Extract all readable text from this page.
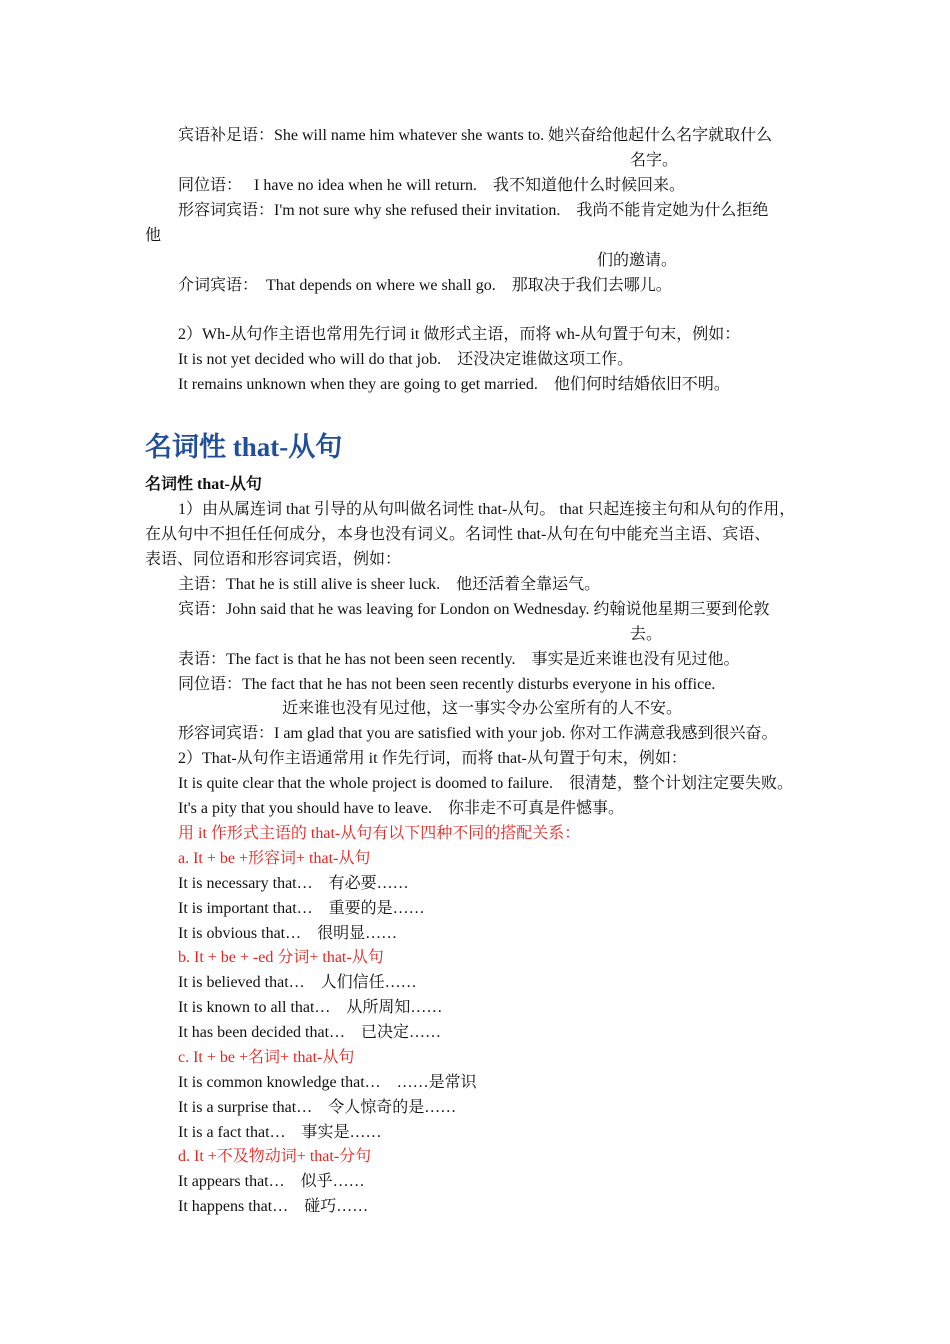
宾语补足语：She will name him whatever she wants to. 她兴奋给他起什么名字就取什么
名字。
同位语：　 I have no idea when he will return.　我不知道他什么时候回来。
形容词宾语：I'm not sure why she refused their invitation.　我尚不能肯定她为什么拒绝
他
们的邀请。
介词宾语：　That depends on where we shall go.　那取决于我们去哪儿。
2）Wh-从句作主语也常用先行词 it 做形式主语，而将 wh-从句置于句末，例如：
It is not yet decided who will do that job.　还没决定谁做这项工作。
It remains unknown when they are going to get married.　他们何时结婚依旧不明。
名词性 that-从句
名词性 that-从句
1）由从属连词 that 引导的从句叫做名词性 that-从句。 that 只起连接主句和从句的作用，
在从句中不担任任何成分，本身也没有词义。名词性 that-从句在句中能充当主语、宾语、
表语、同位语和形容词宾语，例如：
主语：That he is still alive is sheer luck.　他还活着全靠运气。
宾语：John said that he was leaving for London on Wednesday. 约翰说他星期三要到伦敦
去。
表语：The fact is that he has not been seen recently.　事实是近来谁也没有见过他。
同位语：The fact that he has not been seen recently disturbs everyone in his office.
近来谁也没有见过他，这一事实令办公室所有的人不安。
形容词宾语：I am glad that you are satisfied with your job. 你对工作满意我感到很兴奋。
2）That-从句作主语通常用 it 作先行词，而将 that-从句置于句末，例如：
It is quite clear that the whole project is doomed to failure.　很清楚，整个计划注定要失败。
It's a pity that you should have to leave.　你非走不可真是件憾事。
用 it 作形式主语的 that-从句有以下四种不同的搭配关系：
a. It + be +形容词+ that-从句
It is necessary that…　有必要……
It is important that…　重要的是……
It is obvious that…　很明显……
b. It + be + -ed 分词+ that-从句
It is believed that…　人们信任……
It is known to all that…　从所周知……
It has been decided that…　已决定……
c. It + be +名词+ that-从句
It is common knowledge that…　……是常识
It is a surprise that…　令人惊奇的是……
It is a fact that…　事实是……
d. It +不及物动词+ that-分句
It appears that…　似乎……
It happens that…　碰巧……
